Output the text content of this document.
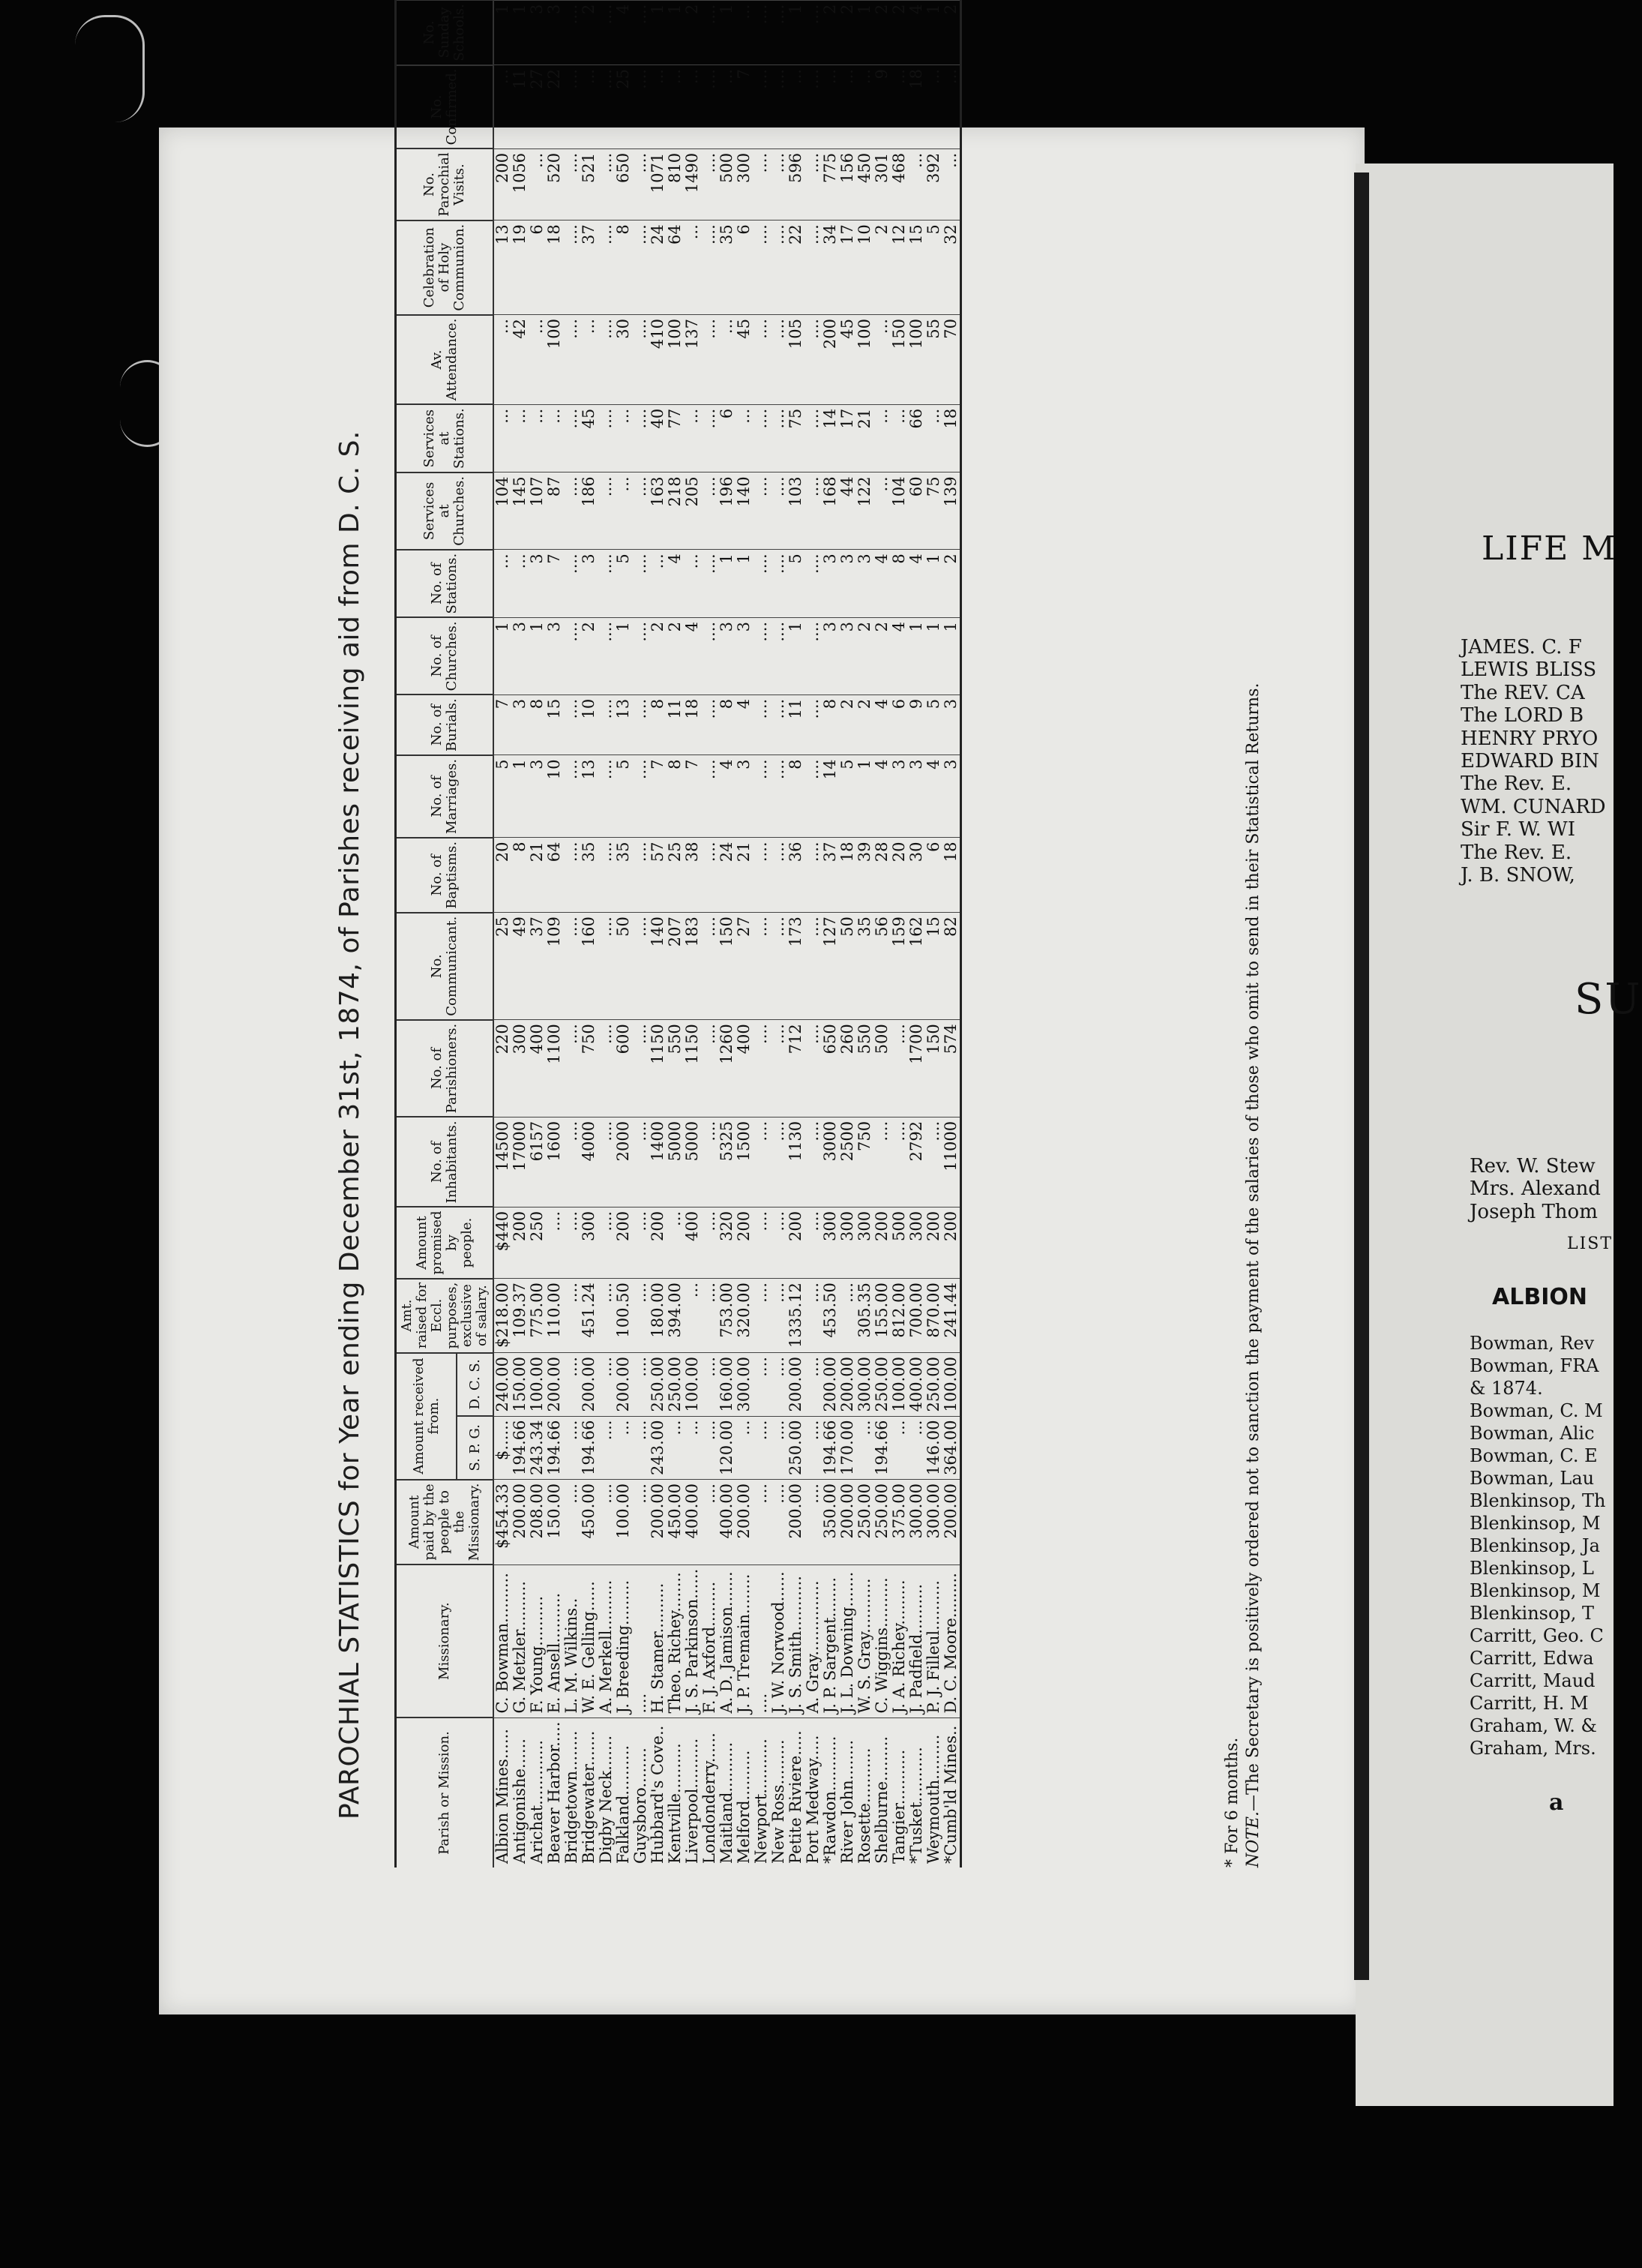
PAROCHIAL STATISTICS for Year ending December 31st, 1874, of Parishes receiving aid from D. C. S.	Parish or Mission.	Missionary.	Amount paid by the people to the Missionary.	Amount received from.		Amt. raised for Eccl. purposes, exclusive of salary.	Amount promised by people.	No. of Inhabitants.	No. of Parishioners.	No. Communicant.	No. of Baptisms.	No. of Marriages.	No. of Burials.	No. of Churches.	No. of Stations.	Services at Churches.	Services at Stations.	Av. Attendance.	Celebration of Holy Communion.	No. Parochial Visits.	No. Confirmed.	No. Sunday Schools.		
			S. P. G.	D. C. S.																			
Albion Mines......	C. Bowman..........	$454.33	$......	240.00	$218.00	$440	14500	220	25	20	5	7	1	...	104	...	...	13	200	...	1		
Antigonishe......	G. Metzler..........	200.00	194.66	150.00	109.37	200	17000	300	49	8	1	3	3	...	145	...	42	19	1056	11	1		
Arichat.............	F. Young..........	208.00	243.34	100.00	775.00	250	6157	400	37	21	3	8	1	3	107	...	...	6	...	27	3		
Beaver Harbor.....	E. Ansell..........	150.00	194.66	200.00	110.00	....	1600	1100	109	64	10	15	3	7	87	...	100	18	520	22	3		
Bridgetown........	L. M. Wilkins..	....	....	....	....	....	....	....	....	....	....	....	....	....	....	....	....	....	....	....	....		
Bridgewater.......	W. E. Gelling......	450.00	194.66	200.00	451.24	300	4000	750	160	35	13	10	2	3	186	45	...	37	521	...	2		
Digby Neck.......	A. Merkell..........	....	....	....	....	....	....	....	....	....	....	....	....	....	....	....	....	....	....	....	....		
Falkland..........	J. Breeding.........	100.00	...	200.00	100.50	200	2000	600	50	35	5	13	1	5	...	...	30	8	650	25	4		
Guysboro........	....	....	....	....	....	....	....	....	....	....	....	....	....	....	....	....	....	....	....	....	....		
Hubbard's Cove..	H. Stamer..........	200.00	243.00	250.00	180.00	200	1400	1150	140	57	7	8	2	...	163	40	410	24	1071	...	1		
Kentville..........	Theo. Richey........	450.00	...	250.00	394.00	...	5000	550	207	25	8	11	2	4	218	77	100	64	810	...	1		
Liverpool..........	J. S. Parkinson......	400.00	...	100.00	...	400	5000	1150	183	38	7	18	4	...	205	...	137	...	1490	...	2		
Londonderry......	F. J. Axford.........	....	....	....	....	....	....	....	....	....	....	....	....	....	....	....	....	....	....	....	....		
Maitland..........	A. D. Jamison.......	400.00	120.00	160.00	753.00	320	5325	1260	150	24	4	8	3	1	196	6	...	35	500	...	1		
Melford..........	J. P. Tremain........	200.00	...	300.00	320.00	200	1500	400	27	21	3	4	3	1	140	...	45	6	300	7	...		
Newport...........	....	....	....	....	....	....	....	....	....	....	....	....	....	....	....	....	....	....	....	....	....		
New Ross.........	J. W. Norwood......	....	....	....	....	....	....	....	....	....	....	....	....	....	....	....	....	....	....	....	....		
Petite Riviere.....	J. S. Smith...........	200.00	250.00	200.00	1335.12	200	1130	712	173	36	8	11	1	5	103	75	105	22	596	...	1		
Port Medway.....	A. Gray...............	....	....	....	....	....	....	....	....	....	....	....	....	....	....	....	....	....	....	....	....		
*Rawdon...........	J. P. Sargent........	350.00	194.66	200.00	453.50	300	3000	650	127	37	14	8	3	3	168	14	200	34	775	...	2		
River John........	J. L. Downing.......	200.00	170.00	200.00	....	300	2500	260	50	18	5	2	3	3	44	17	45	17	156	...	2		
Rosette...........	W. S. Gray...........	250.00	...	300.00	305.35	300	750	550	35	39	1	2	2	3	122	21	100	10	450	...	1		
Shelburne.........	C. Wiggins..........	250.00	194.66	250.00	155.00	200	....	500	56	28	4	4	2	4	...	...	...	2	301	9	2		
Tangier...........	J. A. Richey.........	375.00	...	100.00	812.00	500	....	....	159	20	3	6	4	8	104	...	150	12	468	...	2		
*Tusket...........	J. Padfield..........	300.00	...	400.00	700.00	300	2792	1700	162	30	3	9	1	4	60	66	100	15	...	18	4		
Weymouth.........	P. J. Filleul..........	300.00	146.00	250.00	870.00	200	....	150	15	6	4	5	1	1	75	...	55	5	392	...	1		
*Cumb'ld Mines..	D. C. Moore.........	200.00	364.00	100.00	241.44	200	11000	574	82	18	3	3	1	2	139	18	70	32	...	...	2		
* For 6 months. NOTE.—The Secretary is positively ordered not to sanction the payment of the salaries of those who omit to send in their Statistical Returns.
LIFE M
JAMES. C. F
LEWIS BLISS
The REV. CA
The LORD B
HENRY PRYO
EDWARD BIN
The Rev. E.
WM. CUNARD
Sir F. W. WI
The Rev. E.
J. B. SNOW,
SU
Rev. W. Stew
Mrs. Alexand
Joseph Thom
LIST
ALBION
Bowman, Rev
Bowman, FRA
& 1874.
Bowman, C. M
Bowman, Alic
Bowman, C. E
Bowman, Lau
Blenkinsop, Th
Blenkinsop, M
Blenkinsop, Ja
Blenkinsop, L
Blenkinsop, M
Blenkinsop, T
Carritt, Geo. C
Carritt, Edwa
Carritt, Maud
Carritt, H. M
Graham, W. &
Graham, Mrs.
a
